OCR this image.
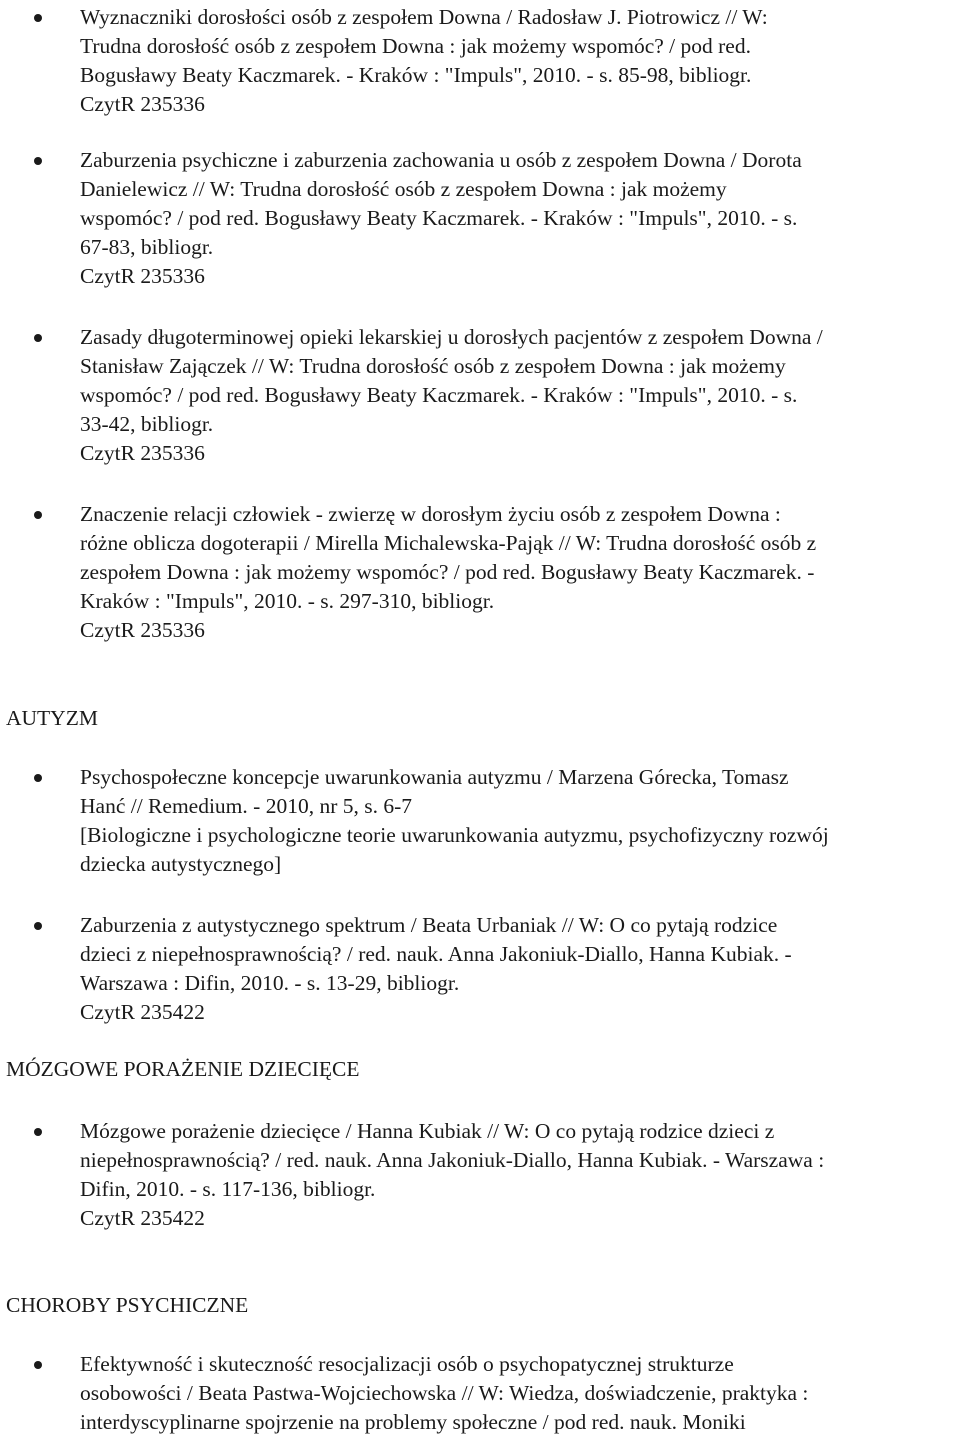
Wyznaczniki dorosłości osób z zespołem Downa / Radosław J. Piotrowicz // W:
Trudna dorosłość osób z zespołem Downa : jak możemy wspomóc? / pod red.
Bogusławy Beaty Kaczmarek. - Kraków : "Impuls", 2010. - s. 85-98, bibliogr.
CzytR 235336
Zaburzenia psychiczne i zaburzenia zachowania u osób z zespołem Downa / Dorota
Danielewicz // W: Trudna dorosłość osób z zespołem Downa : jak możemy
wspomóc? / pod red. Bogusławy Beaty Kaczmarek. - Kraków : "Impuls", 2010. - s.
67-83, bibliogr.
CzytR 235336
Zasady długoterminowej opieki lekarskiej u dorosłych pacjentów z zespołem Downa /
Stanisław Zajączek // W: Trudna dorosłość osób z zespołem Downa : jak możemy
wspomóc? / pod red. Bogusławy Beaty Kaczmarek. - Kraków : "Impuls", 2010. - s.
33-42, bibliogr.
CzytR 235336
Znaczenie relacji człowiek - zwierzę w dorosłym życiu osób z zespołem Downa :
różne oblicza dogoterapii / Mirella Michalewska-Pająk // W: Trudna dorosłość osób z
zespołem Downa : jak możemy wspomóc? / pod red. Bogusławy Beaty Kaczmarek. -
Kraków : "Impuls", 2010. - s. 297-310, bibliogr.
CzytR 235336
AUTYZM
Psychospołeczne koncepcje uwarunkowania autyzmu / Marzena Górecka, Tomasz
Hanć // Remedium. - 2010, nr 5, s. 6-7
[Biologiczne i psychologiczne teorie uwarunkowania autyzmu, psychofizyczny rozwój
dziecka autystycznego]
Zaburzenia z autystycznego spektrum / Beata Urbaniak // W: O co pytają rodzice
dzieci z niepełnosprawnością? / red. nauk. Anna Jakoniuk-Diallo, Hanna Kubiak. -
Warszawa : Difin, 2010. - s. 13-29, bibliogr.
CzytR 235422
MÓZGOWE PORAŻENIE DZIECIĘCE
Mózgowe porażenie dziecięce / Hanna Kubiak // W: O co pytają rodzice dzieci z
niepełnosprawnością? / red. nauk. Anna Jakoniuk-Diallo, Hanna Kubiak. - Warszawa :
Difin, 2010. - s. 117-136, bibliogr.
CzytR 235422
CHOROBY PSYCHICZNE
Efektywność i skuteczność resocjalizacji osób o psychopatycznej strukturze
osobowości / Beata Pastwa-Wojciechowska // W: Wiedza, doświadczenie, praktyka :
interdyscyplinarne spojrzenie na problemy społeczne / pod red. nauk. Moniki
